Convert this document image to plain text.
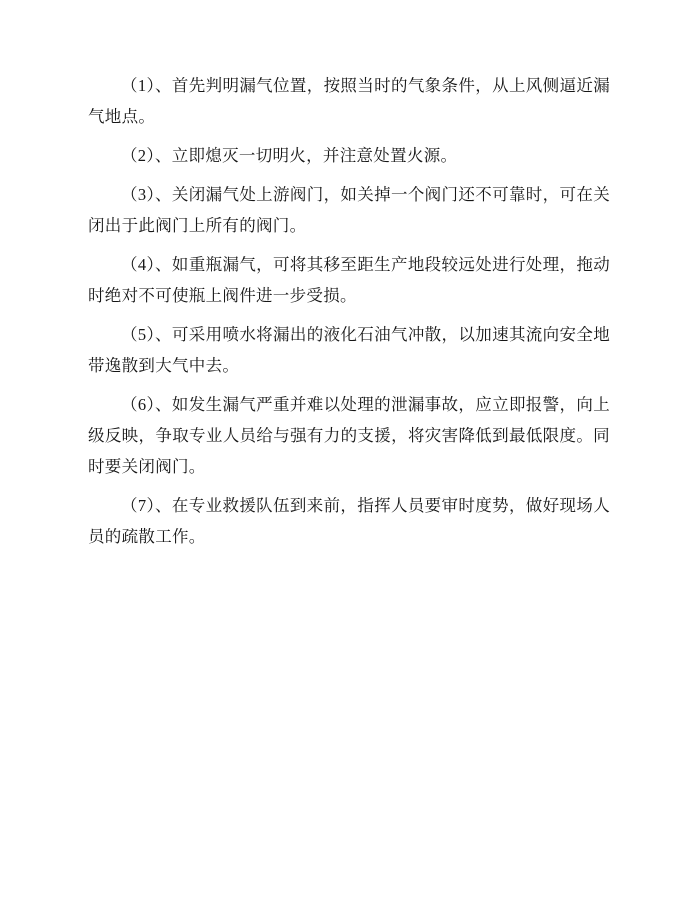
（1）、首先判明漏气位置，按照当时的气象条件，从上风侧逼近漏气地点。

（2）、立即熄灭一切明火，并注意处置火源。

（3）、关闭漏气处上游阀门，如关掉一个阀门还不可靠时，可在关闭出于此阀门上所有的阀门。

（4）、如重瓶漏气，可将其移至距生产地段较远处进行处理，拖动时绝对不可使瓶上阀件进一步受损。

（5）、可采用喷水将漏出的液化石油气冲散，以加速其流向安全地带逸散到大气中去。

（6）、如发生漏气严重并难以处理的泄漏事故，应立即报警，向上级反映，争取专业人员给与强有力的支援，将灾害降低到最低限度。同时要关闭阀门。

（7）、在专业救援队伍到来前，指挥人员要审时度势，做好现场人员的疏散工作。
